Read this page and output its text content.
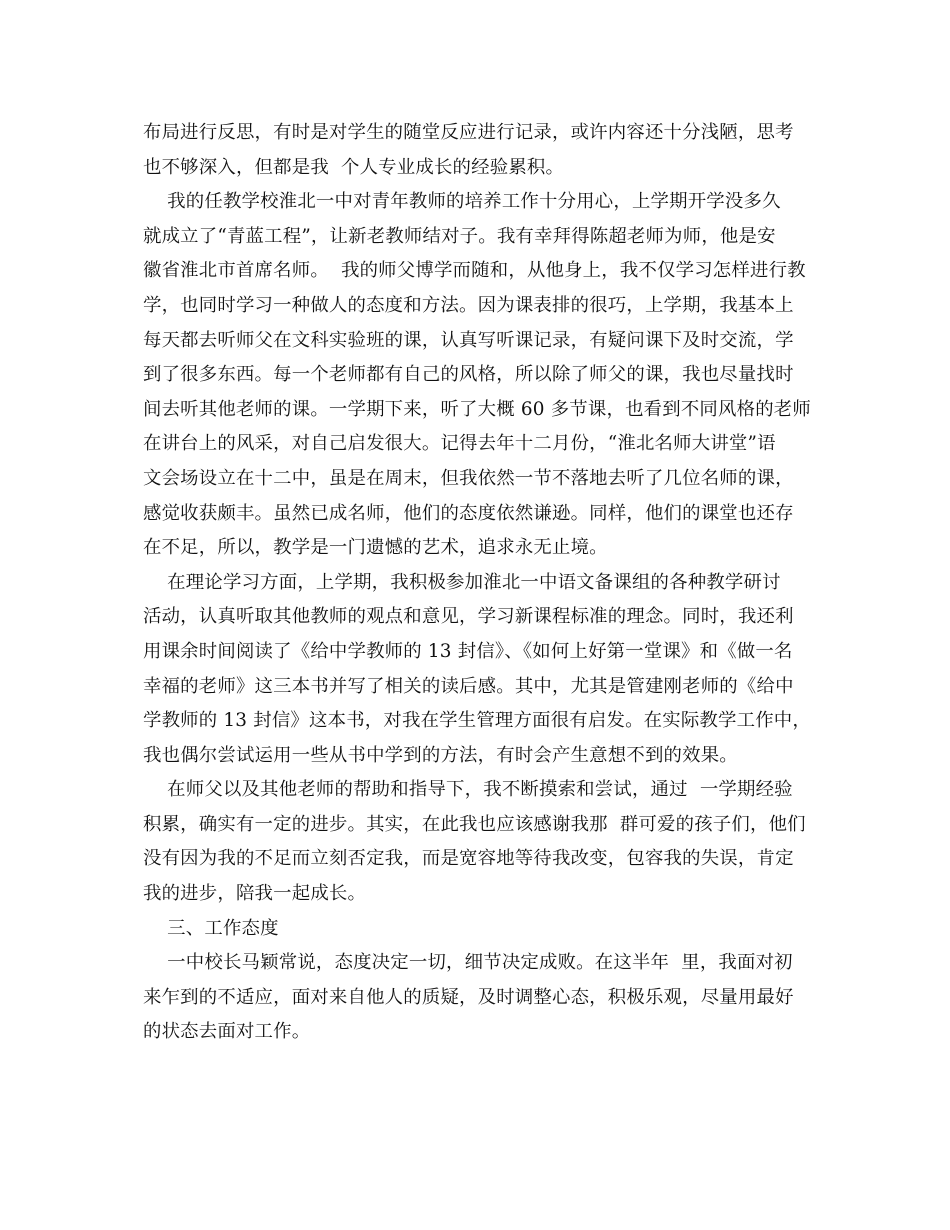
布局进行反思，有时是对学生的随堂反应进行记录，或许内容还十分浅陋，思考
也不够深入，但都是我  个人专业成长的经验累积。
我的任教学校淮北一中对青年教师的培养工作十分用心，上学期开学没多久
就成立了“青蓝工程”，让新老教师结对子。我有幸拜得陈超老师为师，他是安
徽省淮北市首席名师。  我的师父博学而随和，从他身上，我不仅学习怎样进行教
学，也同时学习一种做人的态度和方法。因为课表排的很巧，上学期，我基本上
每天都去听师父在文科实验班的课，认真写听课记录，有疑问课下及时交流，学
到了很多东西。每一个老师都有自己的风格，所以除了师父的课，我也尽量找时
间去听其他老师的课。一学期下来，听了大概 60 多节课，也看到不同风格的老师
在讲台上的风采，对自己启发很大。记得去年十二月份，“淮北名师大讲堂”语
文会场设立在十二中，虽是在周末，但我依然一节不落地去听了几位名师的课，
感觉收获颇丰。虽然已成名师，他们的态度依然谦逊。同样，他们的课堂也还存
在不足，所以，教学是一门遗憾的艺术，追求永无止境。
在理论学习方面，上学期，我积极参加淮北一中语文备课组的各种教学研讨
活动，认真听取其他教师的观点和意见，学习新课程标准的理念。同时，我还利
用课余时间阅读了《给中学教师的 13 封信》、《如何上好第一堂课》和《做一名
幸福的老师》这三本书并写了相关的读后感。其中，尤其是管建刚老师的《给中
学教师的 13 封信》这本书，对我在学生管理方面很有启发。在实际教学工作中，
我也偶尔尝试运用一些从书中学到的方法，有时会产生意想不到的效果。
在师父以及其他老师的帮助和指导下，我不断摸索和尝试，通过  一学期经验
积累，确实有一定的进步。其实，在此我也应该感谢我那  群可爱的孩子们，他们
没有因为我的不足而立刻否定我，而是宽容地等待我改变，包容我的失误，肯定
我的进步，陪我一起成长。
三、工作态度
一中校长马颖常说，态度决定一切，细节决定成败。在这半年  里，我面对初
来乍到的不适应，面对来自他人的质疑，及时调整心态，积极乐观，尽量用最好
的状态去面对工作。
